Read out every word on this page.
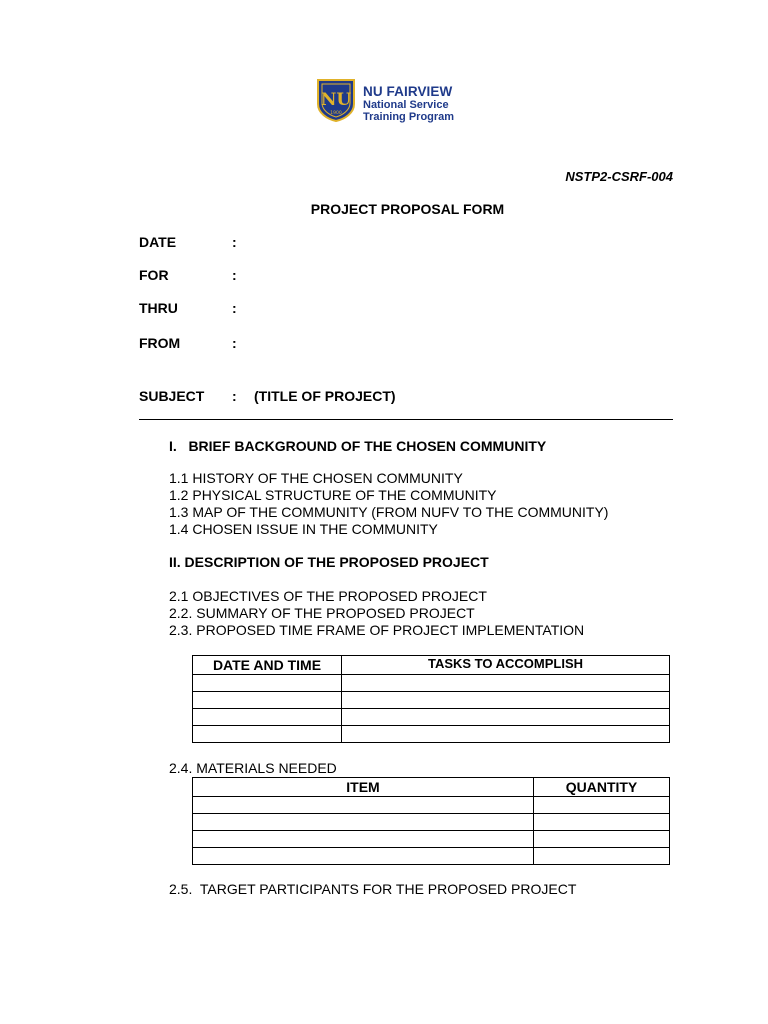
NU
1900
NU FAIRVIEW
National Service
Training Program
NSTP2-CSRF-004
PROJECT PROPOSAL FORM
DATE	:
FOR	:
THRU	:
FROM	:
SUBJECT : (TITLE OF PROJECT)
I.   BRIEF BACKGROUND OF THE CHOSEN COMMUNITY
1.1 HISTORY OF THE CHOSEN COMMUNITY
1.2 PHYSICAL STRUCTURE OF THE COMMUNITY
1.3 MAP OF THE COMMUNITY (FROM NUFV TO THE COMMUNITY)
1.4 CHOSEN ISSUE IN THE COMMUNITY
II. DESCRIPTION OF THE PROPOSED PROJECT
2.1 OBJECTIVES OF THE PROPOSED PROJECT
2.2. SUMMARY OF THE PROPOSED PROJECT
2.3. PROPOSED TIME FRAME OF PROJECT IMPLEMENTATION
DATE AND TIME	TASKS TO ACCOMPLISH

2.4. MATERIALS NEEDED
ITEM	QUANTITY

2.5.  TARGET PARTICIPANTS FOR THE PROPOSED PROJECT
